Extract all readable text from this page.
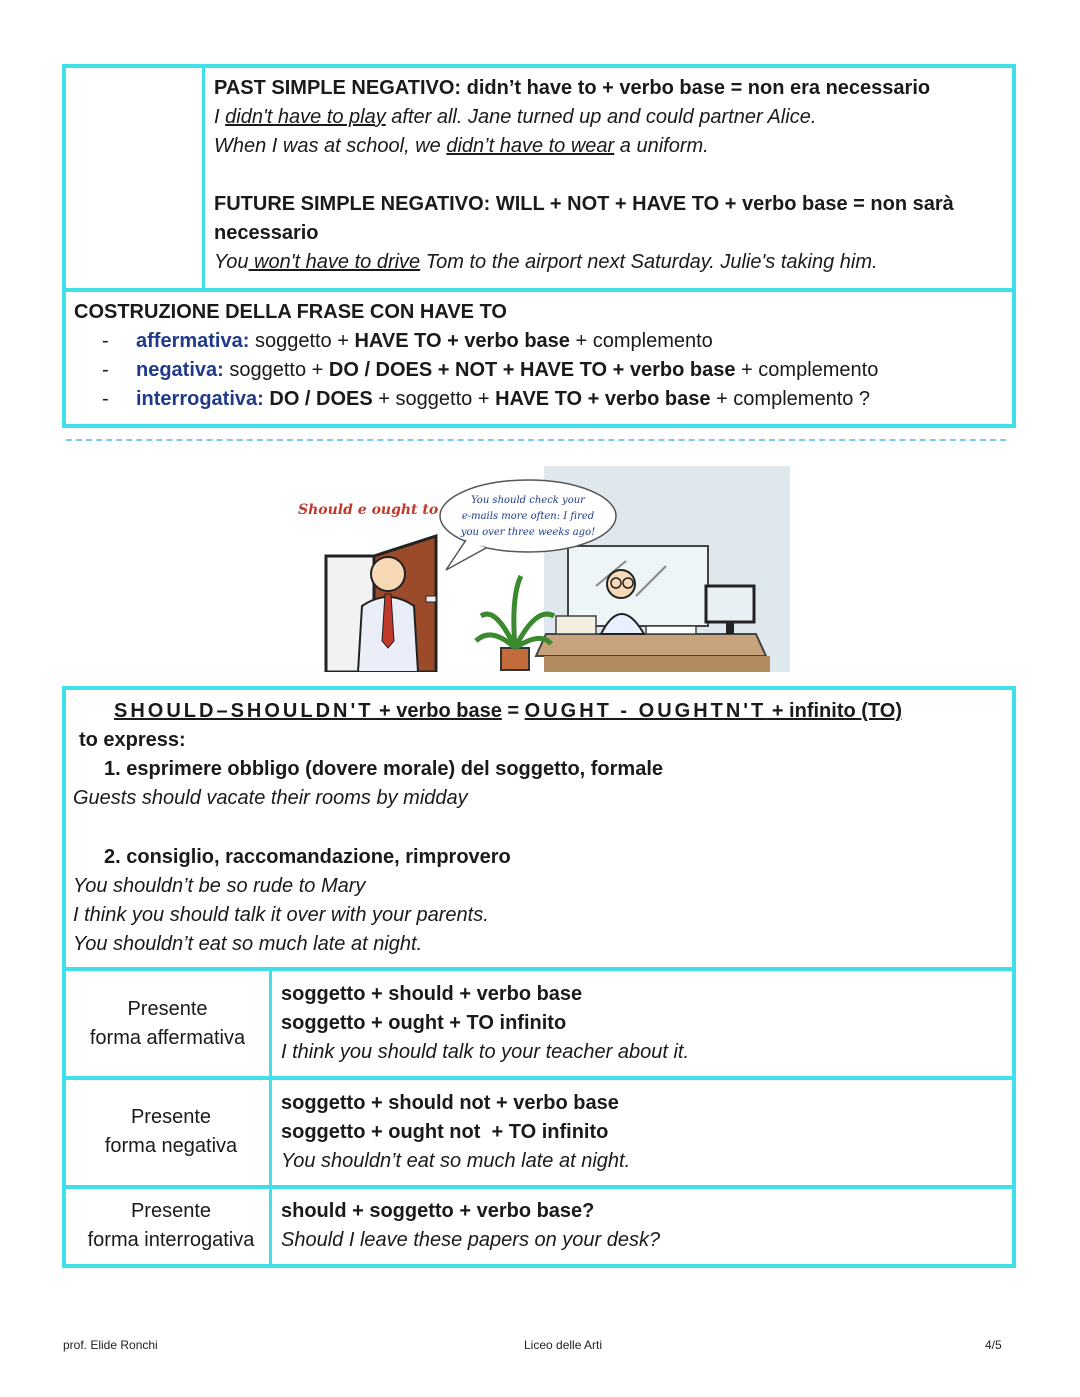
PAST SIMPLE NEGATIVO: didn’t have to + verbo base = non era necessario
I didn't have to play after all. Jane turned up and could partner Alice.
When I was at school, we didn’t have to wear a uniform.
FUTURE SIMPLE NEGATIVO: WILL + NOT + HAVE TO + verbo base = non sarà
necessario
You won't have to drive Tom to the airport next Saturday. Julie's taking him.
COSTRUZIONE DELLA FRASE CON HAVE TO
- affermativa: soggetto + HAVE TO + verbo base + complemento
- negativa: soggetto + DO / DOES + NOT + HAVE TO + verbo base + complemento
- interrogativa: DO / DOES + soggetto + HAVE TO + verbo base + complemento ?
Should e ought to
You should check your
e-mails more often: I fired
you over three weeks ago!
SHOULD–SHOULDN'T + verbo base = OUGHT - OUGHTN'T + infinito (TO)
to express:
1. esprimere obbligo (dovere morale) del soggetto, formale
Guests should vacate their rooms by midday
2. consiglio, raccomandazione, rimprovero
You shouldn’t be so rude to Mary
I think you should talk it over with your parents.
You shouldn’t eat so much late at night.
Presente
forma affermativa
soggetto + should + verbo base
soggetto + ought + TO infinito
I think you should talk to your teacher about it.
Presente
forma negativa
soggetto + should not + verbo base
soggetto + ought not  + TO infinito
You shouldn’t eat so much late at night.
Presente
forma interrogativa
should + soggetto + verbo base?
Should I leave these papers on your desk?
prof. Elide Ronchi	Liceo delle Arti	4/5
